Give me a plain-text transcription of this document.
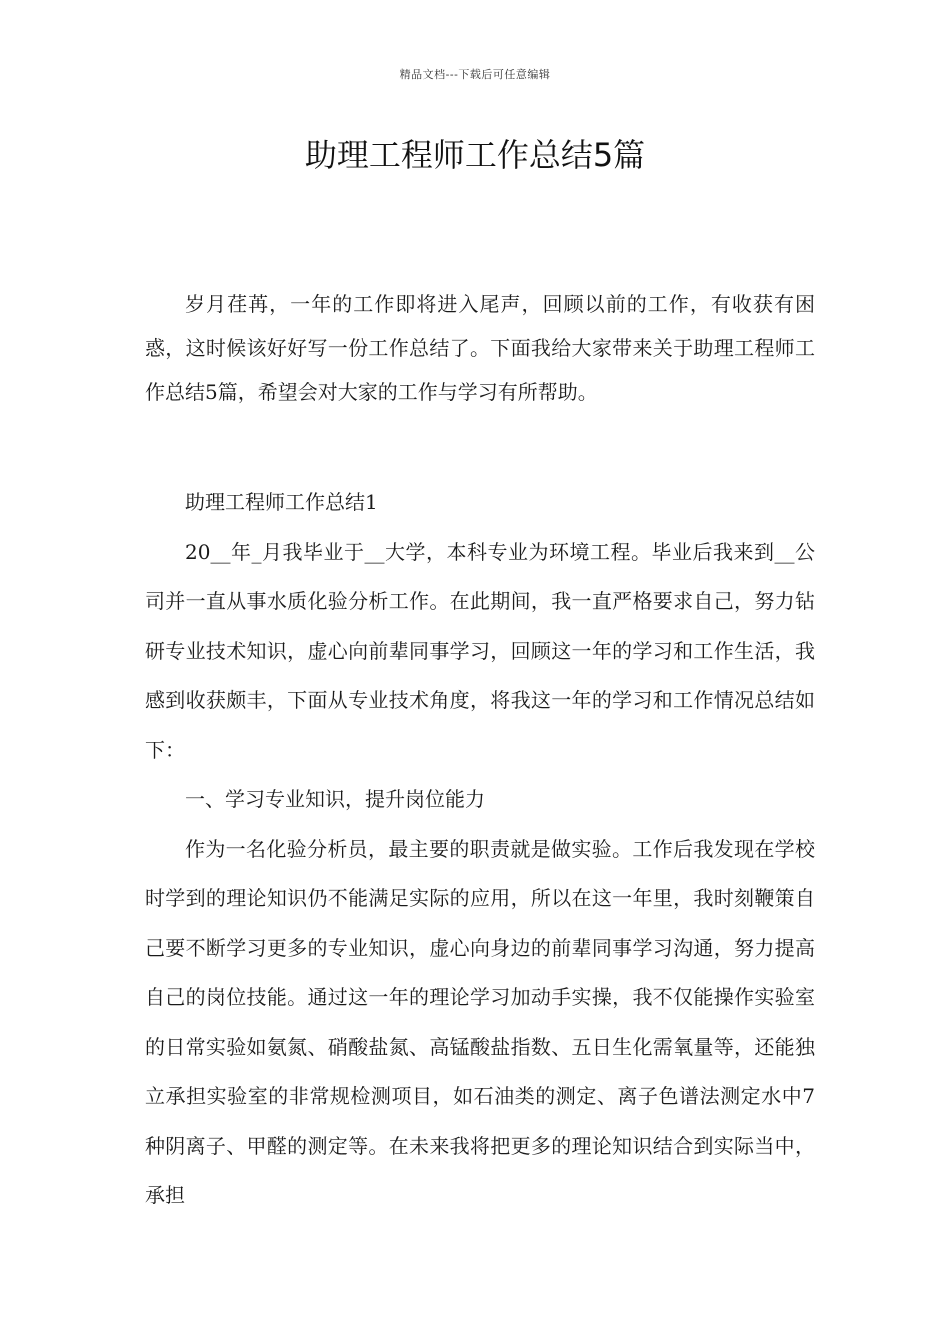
精品文档---下载后可任意编辑
助理工程师工作总结5篇

岁月荏苒，一年的工作即将进入尾声，回顾以前的工作，有收获有困惑，这时候该好好写一份工作总结了。下面我给大家带来关于助理工程师工作总结5篇，希望会对大家的工作与学习有所帮助。

助理工程师工作总结1

20__年_月我毕业于__大学，本科专业为环境工程。毕业后我来到__公司并一直从事水质化验分析工作。在此期间，我一直严格要求自己，努力钻研专业技术知识，虚心向前辈同事学习，回顾这一年的学习和工作生活，我感到收获颇丰，下面从专业技术角度，将我这一年的学习和工作情况总结如下：

一、学习专业知识，提升岗位能力

作为一名化验分析员，最主要的职责就是做实验。工作后我发现在学校时学到的理论知识仍不能满足实际的应用，所以在这一年里，我时刻鞭策自己要不断学习更多的专业知识，虚心向身边的前辈同事学习沟通，努力提高自己的岗位技能。通过这一年的理论学习加动手实操，我不仅能操作实验室的日常实验如氨氮、硝酸盐氮、高锰酸盐指数、五日生化需氧量等，还能独立承担实验室的非常规检测项目，如石油类的测定、离子色谱法测定水中7种阴离子、甲醛的测定等。在未来我将把更多的理论知识结合到实际当中，承担
